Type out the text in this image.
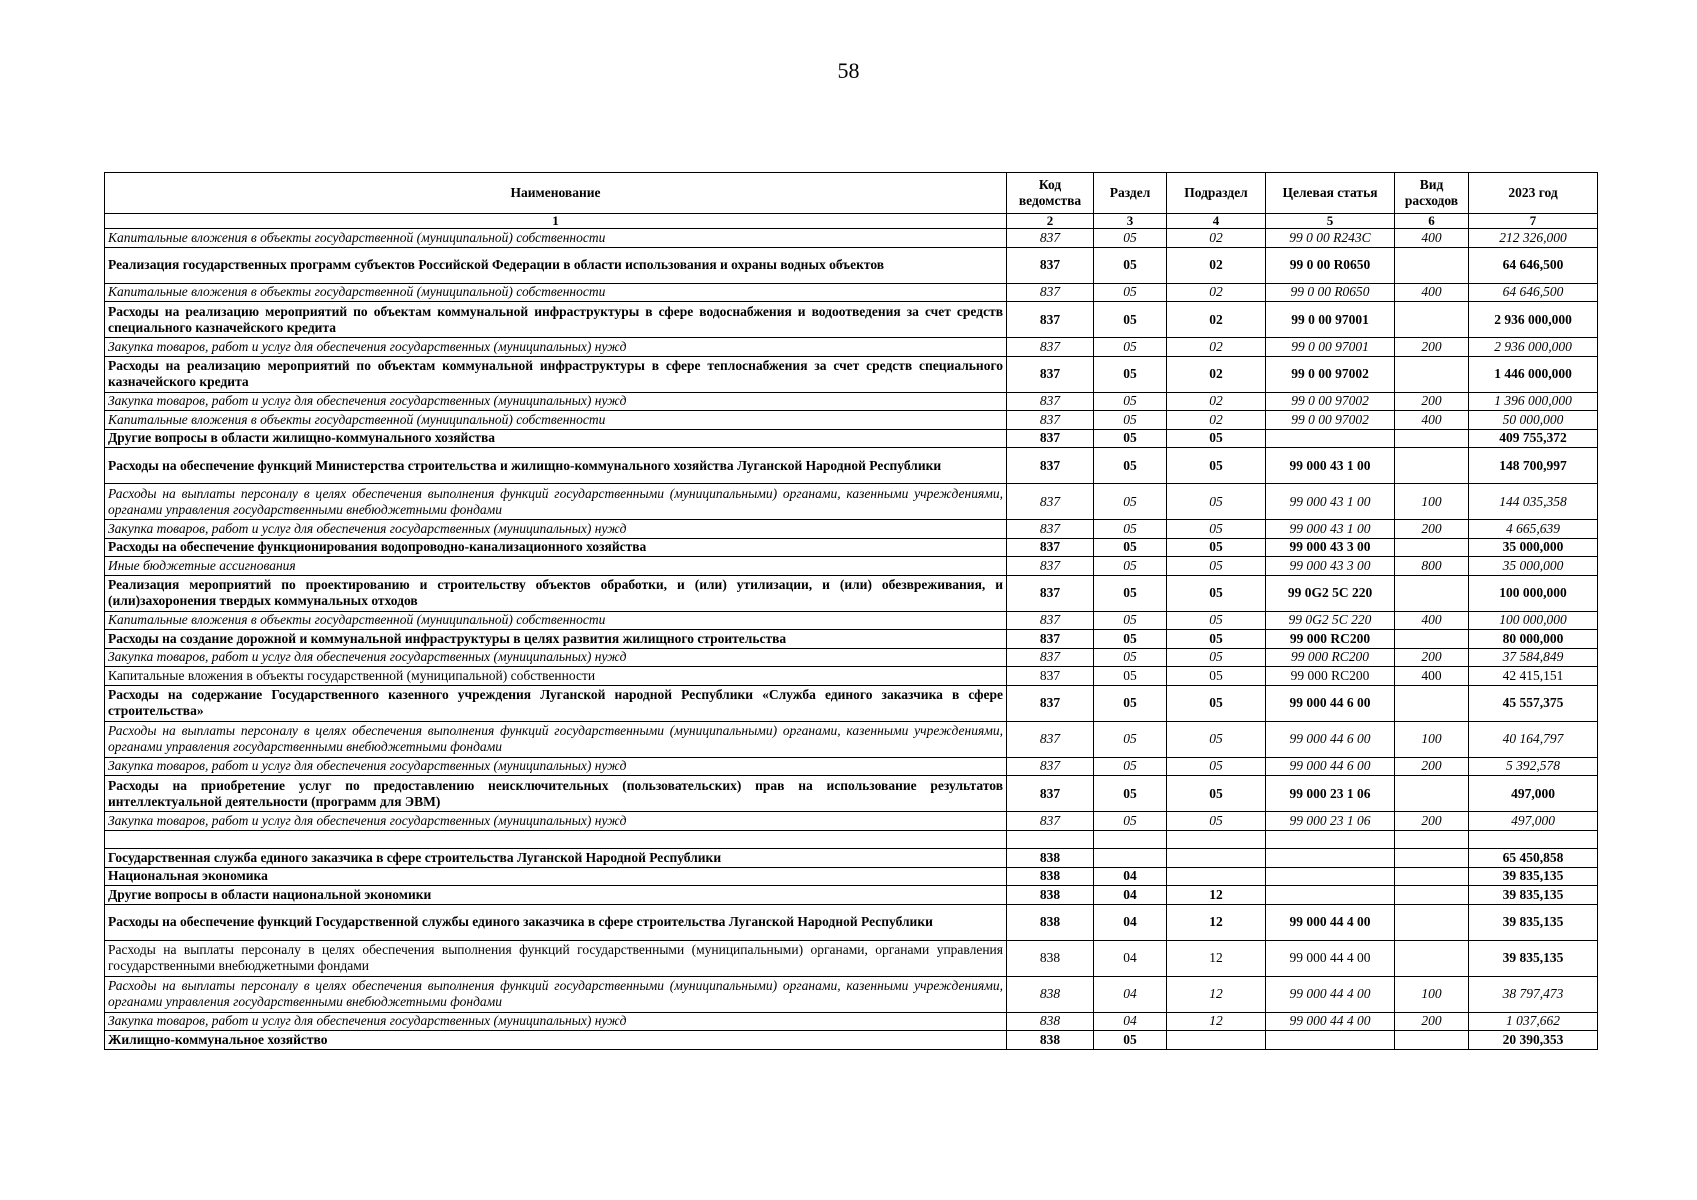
58
Наименование	Код ведомства	Раздел	Подраздел	Целевая статья	Вид расходов	2023 год
1	2	3	4	5	6	7
Капитальные вложения в объекты государственной (муниципальной) собственности	837	05	02	99 0 00 R243C	400	212 326,000
Реализация государственных программ субъектов Российской Федерации в области использования и охраны водных объектов	837	05	02	99 0 00 R0650		64 646,500
Капитальные вложения в объекты государственной (муниципальной) собственности	837	05	02	99 0 00 R0650	400	64 646,500
Расходы на реализацию мероприятий по объектам коммунальной инфраструктуры в сфере водоснабжения и водоотведения за счет средств специального казначейского кредита	837	05	02	99 0 00 97001		2 936 000,000
Закупка товаров, работ и услуг для обеспечения государственных (муниципальных) нужд	837	05	02	99 0 00 97001	200	2 936 000,000
Расходы на реализацию мероприятий по объектам коммунальной инфраструктуры в сфере теплоснабжения за счет средств специального казначейского кредита	837	05	02	99 0 00 97002		1 446 000,000
Закупка товаров, работ и услуг для обеспечения государственных (муниципальных) нужд	837	05	02	99 0 00 97002	200	1 396 000,000
Капитальные вложения в объекты государственной (муниципальной) собственности	837	05	02	99 0 00 97002	400	50 000,000
Другие вопросы в области жилищно-коммунального хозяйства	837	05	05			409 755,372
Расходы на обеспечение функций Министерства строительства и жилищно-коммунального хозяйства Луганской Народной Республики	837	05	05	99 000 43 1 00		148 700,997
Расходы на выплаты персоналу в целях обеспечения выполнения функций государственными (муниципальными) органами, казенными учреждениями, органами управления государственными внебюджетными фондами	837	05	05	99 000 43 1 00	100	144 035,358
Закупка товаров, работ и услуг для обеспечения государственных (муниципальных) нужд	837	05	05	99 000 43 1 00	200	4 665,639
Расходы на обеспечение функционирования водопроводно-канализационного хозяйства	837	05	05	99 000 43 3 00		35 000,000
Иные бюджетные ассигнования	837	05	05	99 000 43 3 00	800	35 000,000
Реализация мероприятий по проектированию и строительству объектов обработки, и (или) утилизации, и (или) обезвреживания, и (или)захоронения твердых коммунальных отходов	837	05	05	99 0G2 5C 220		100 000,000
Капитальные вложения в объекты государственной (муниципальной) собственности	837	05	05	99 0G2 5C 220	400	100 000,000
Расходы на создание дорожной и коммунальной инфраструктуры в целях развития жилищного строительства	837	05	05	99 000 RC200		80 000,000
Закупка товаров, работ и услуг для обеспечения государственных (муниципальных) нужд	837	05	05	99 000 RC200	200	37 584,849
Капитальные вложения в объекты государственной (муниципальной) собственности	837	05	05	99 000 RC200	400	42 415,151
Расходы на содержание Государственного казенного учреждения Луганской народной Республики «Служба единого заказчика в сфере строительства»	837	05	05	99 000 44 6 00		45 557,375
Расходы на выплаты персоналу в целях обеспечения выполнения функций государственными (муниципальными) органами, казенными учреждениями, органами управления государственными внебюджетными фондами	837	05	05	99 000 44 6 00	100	40 164,797
Закупка товаров, работ и услуг для обеспечения государственных (муниципальных) нужд	837	05	05	99 000 44 6 00	200	5 392,578
Расходы на приобретение услуг по предоставлению неисключительных (пользовательских) прав на использование результатов интеллектуальной деятельности (программ для ЭВМ)	837	05	05	99 000 23 1 06		497,000
Закупка товаров, работ и услуг для обеспечения государственных (муниципальных) нужд	837	05	05	99 000 23 1 06	200	497,000

Государственная служба единого заказчика в сфере строительства Луганской Народной Республики	838					65 450,858
Национальная экономика	838	04				39 835,135
Другие вопросы в области национальной экономики	838	04	12			39 835,135
Расходы на обеспечение функций Государственной службы единого заказчика в сфере строительства Луганской Народной Республики	838	04	12	99 000 44 4 00		39 835,135
Расходы на выплаты персоналу в целях обеспечения выполнения функций государственными (муниципальными) органами, органами управления государственными внебюджетными фондами	838	04	12	99 000 44 4 00		39 835,135
Расходы на выплаты персоналу в целях обеспечения выполнения функций государственными (муниципальными) органами, казенными учреждениями, органами управления государственными внебюджетными фондами	838	04	12	99 000 44 4 00	100	38 797,473
Закупка товаров, работ и услуг для обеспечения государственных (муниципальных) нужд	838	04	12	99 000 44 4 00	200	1 037,662
Жилищно-коммунальное хозяйство	838	05				20 390,353
